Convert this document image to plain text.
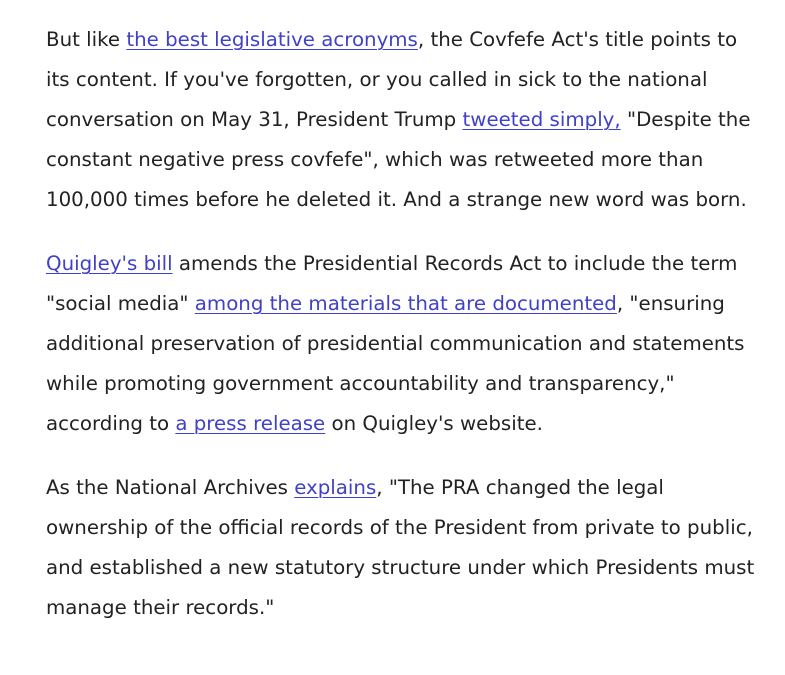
But like the best legislative acronyms, the Covfefe Act's title points to its content. If you've forgotten, or you called in sick to the national conversation on May 31, President Trump tweeted simply, "Despite the constant negative press covfefe", which was retweeted more than 100,000 times before he deleted it. And a strange new word was born.

Quigley's bill amends the Presidential Records Act to include the term "social media" among the materials that are documented, "ensuring additional preservation of presidential communication and statements while promoting government accountability and transparency," according to a press release on Quigley's website.

As the National Archives explains, "The PRA changed the legal ownership of the official records of the President from private to public, and established a new statutory structure under which Presidents must manage their records."
